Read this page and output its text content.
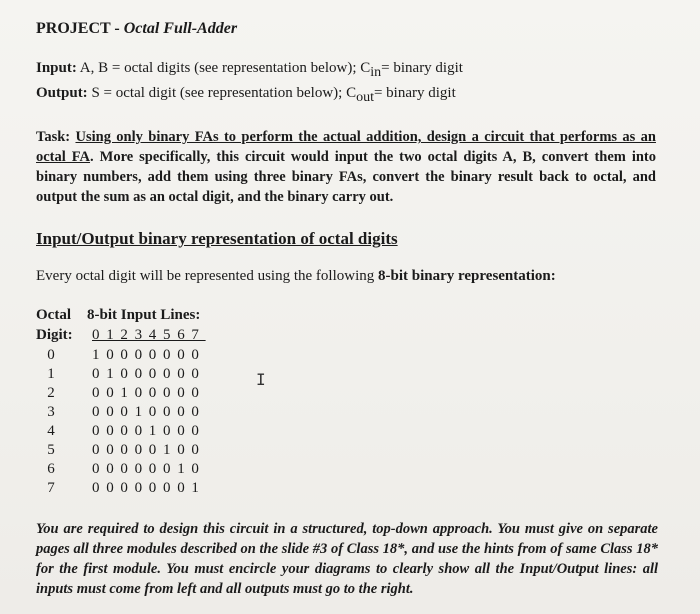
PROJECT - Octal Full-Adder
Input: A, B = octal digits (see representation below); $C_{in}=$ binary digit
Output: S = octal digit (see representation below); $C_{out}=$ binary digit
Task: Using only binary FAs to perform the actual addition, design a circuit that performs as an octal FA. More specifically, this circuit would input the two octal digits A, B, convert them into binary numbers, add them using three binary FAs, convert the binary result back to octal, and output the sum as an octal digit, and the binary carry out.
Input/Output binary representation of octal digits
Every octal digit will be represented using the following 8-bit binary representation:
Octal 8-bit Input Lines:
Digit: 01234567
0 10000000
1 01000000
2 00100000
3 00010000
4 00001000
5 00000100
6 00000010
7 00000001
I
You are required to design this circuit in a structured, top-down approach. You must give on separate pages all three modules described on the slide #3 of Class 18*, and use the hints from of same Class 18* for the first module. You must encircle your diagrams to clearly show all the Input/Output lines: all inputs must come from left and all outputs must go to the right.
